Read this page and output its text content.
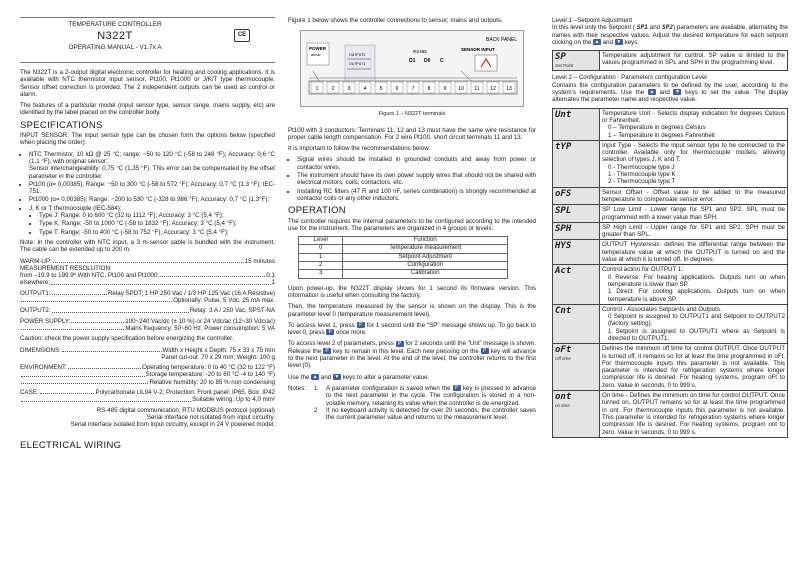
TEMPERATURE CONTROLLER
N322T
OPERATING MANUAL - V1.7x A
CE

The N322T is a 2-output digital electronic controller for heating and cooling applications. It is available with NTC thermistor input sensor, Pt100, Pt1000 or J/K/T type thermocouple. Sensor offset correction is provided. The 2 independent outputs can be used as control or alarm.

The features of a particular model (input sensor type, sensor range, mains supply, etc) are identified by the label placed on the controller body.

SPECIFICATIONS

INPUT SENSOR: The input sensor type can be chosen form the options below (specified when placing the order):

• NTC Thermistor, 10 kΩ @ 25 °C; range: −50 to 120 °C (-58 to 248 °F); Accuracy: 0,6 °C (1,1 °F), with original sensor;
Sensor interchangeability: 0,75 °C (1,35 °F). This error can be compensated by the offset parameter in the controller.
• Pt100 (α= 0,00385); Range: −50 to 300 °C (-58 to 572 °F); Accuracy: 0,7 °C (1,3 °F); IEC-751.
• Pt1000 (α= 0,00385); Range: −200 to 530 °C (-328 to 986 °F); Accuracy: 0,7 °C (1,3°F);
• J, K or T thermocouple (IEC-584):
• Type J: Range: 0 to 600 °C (32 to 1112 °F); Accuracy: 3 °C (5,4 °F);
• Type K: Range: -50 to 1000 °C (-58 to 1832 °F); Accuracy: 3 °C (5,4 °F);
• Type T: Range: -50 to 400 °C (-58 to 752 °F); Accuracy: 3 °C (5,4 °F);

Note: In the controller with NTC input, a 3 m-sensor cable is bundled with the instrument. The cable can be extended up to 200 m.

WARM-UP:	15 minutes
MEASUREMENT RESOLUTION:
from –19.9 to 199.9º With NTC, Pt100 and Pt1000:	0.1
elsewhere:	1
OUTPUT1:	Relay SPDT; 1 HP 250 Vac / 1/3 HP 125 Vac (16 A Resistive)
Optionally: Pulse, 5 Vdc, 25 mA max.
OUTPUT2:	Relay: 3 A / 250 Vac, SPST-NA
POWER SUPPLY:	100~240 Vac/dc (± 10 %) or 24 Vdc/ac (12~30 Vdc/ac)
Mains frequency: 50~60 Hz. Power consumption: 5 VA

Caution: check the power supply specification before energizing the controller.

DIMENSIONS:	Width x Height x Depth: 75 x 33 x 75 mm
Panel cut-out: 70 x 29 mm; Weight: 100 g
ENVIRONMENT:	Operating temperature: 0 to 40 °C (32 to 122 °F)
Storage temperature: -20 to 60 °C -4 to 140 °F)
Relative humidity: 20 to 85 % non condensing
CASE:	Polycarbonate UL94 V-2; Protection: Front panel: IP65, Box: IP42
Suitable wiring: Up to 4,0 mm²
RS-485 digital communication; RTU MODBUS protocol (optional)
Serial interface not isolated from input circuitry.
Serial interface isolated from input circuitry, except in 24 V powered model.
ELECTRICAL WIRING

Figure 1 below shows the controller connections to sensor, mains and outputs.

BACK PANEL
POWER
ac/dc	OUTPUT2
OUTPUT1
RS485
D1 D0 C
SENSOR INPUT
1	2	3	4	5	6	7	8	9 10 11 12 13
Figure 1 – N322T terminals

Pt100 with 3 conductors: Terminals 11, 12 and 13 must have the same wire resistance for proper cable length compensation. For 2 wire Pt100, short circuit terminals 11 and 13.

It is important to follow the recommendations below:

• Signal wires should be installed in grounded conduits and away from power or contactor wires.
• The instrument should have its own power supply wires that should not be shared with electrical motors, coils, contactors, etc.
• Installing RC filters (47 R and 100 nF, series combination) is strongly recommended at contactor coils or any other inductors.
OPERATION

The controller requires the internal parameters to be configured according to the intended use for the instrument. The parameters are organized in 4 groups or levels:

Level	Function
0	Temperature measurement
1	Setpoint Adjustment
2	Configuration
3	Calibration

Upon power-up, the N322T display shows for 1 second its firmware version. This information is useful when consulting the factory.

Then, the temperature measured by the sensor is shown on the display. This is the parameter level 0 (temperature measurement level).

To access level 1, press P for 1 second until the “SP” message shows up. To go back to level 0, press P once more.

To access level 2 of parameters, press P for 2 seconds until the “Unt” message is shown. Release the P key to remain in this level. Each new pressing on the P key will advance to the next parameter in the level. At the end of the level, the controller returns to the first level (0).

Use the ▲ and ▼ keys to alter a parameter value.

Notes:	1	A parameter configuration is saved when the P key is pressed to advance to the next parameter in the cycle. The configuration is stored in a non-volatile memory, retaining its value when the controller is de-energized.
2	If no keyboard activity is detected for over 20 seconds, the controller saves the current parameter value and returns to the measurement level.
Level 1 –Setpoint Adjustment

In this level only the Setpoint ( SP1 and SP2) parameters are available, alternating the names with their respective values. Adjust the desired temperature for each setpoint clicking on the ▲ and ▼ keys.

SP
Set Point
	Temperature adjustment for control. SP value is limited to the values programmed in SPL and SPH in the programming level.
Level 2 – Configuration - Parameters configuration Level

Contains the configuration parameters to be defined by the user, according to the system's requirements. Use the ▲ and ▼ keys to set the value. The display alternates the parameter name and respective value.

Unt	Temperature Unit - Selects display indication for degrees Celsius or Fahrenheit.
0 – Temperature in degrees Celsius
1 – Temperature in degrees Fahrenheit

tYP	Input Type - Selects the input sensor type to be connected to the controller. Available only for thermocouple models, allowing selection of types J, K and T.
0 - Thermocouple type J
1 - Thermocouple type K
2 - Thermocouple type T

oFS	Sensor Offset - Offset value to be added to the measured temperature to compensate sensor error.

SPL	SP Low Limit - Lower range for SP1 and SP2. SPL must be programmed with a lower value than SPH.

SPH	SP High Limit - Upper range for SP1 and SP2. SPH must be greater than SPL.

HYS	OUTPUT Hysteresis: defines the differential range between the temperature value at which the OUTPUT is turned on and the value at which it is turned off. In degrees.

Act	Control action for OUTPUT 1:
0 Reverse: For heating applications. Outputs turn on when temperature is lower than SP.
1 Direct: For cooling applications. Outputs turn on when temperature is above SP.

Cnt	Control - Associates Setpoints and Outputs.
0 Setpoint is assigned to OUTPUT1 and Setpoint to OUTPUT2 (factory setting).
1 Setpoint is assigned to OUTPUT1 where as Setpoint is directed to OUTPUT1.

oFt
Off time	Defines the minimum off time for control OUTPUT. Once OUTPUT is turned off, it remains so for at least the time programmed in oFt. For thermocouple inputs this parameter is not available. This parameter is intended for refrigeration systems where longer compressor life is desired. For heating systems, program oFt to zero. Value in seconds, 0 to 999 s.

ont
on time	On time - Defines the minimum on time for control OUTPUT. Once turned on, OUTPUT remains so for at least the time programmed in ont. For thermocouple inputs this parameter is not available. This parameter is intended for refrigeration systems where longer compressor life is desired. For heating systems, program ont to zero. Value in seconds, 0 to 999 s.
